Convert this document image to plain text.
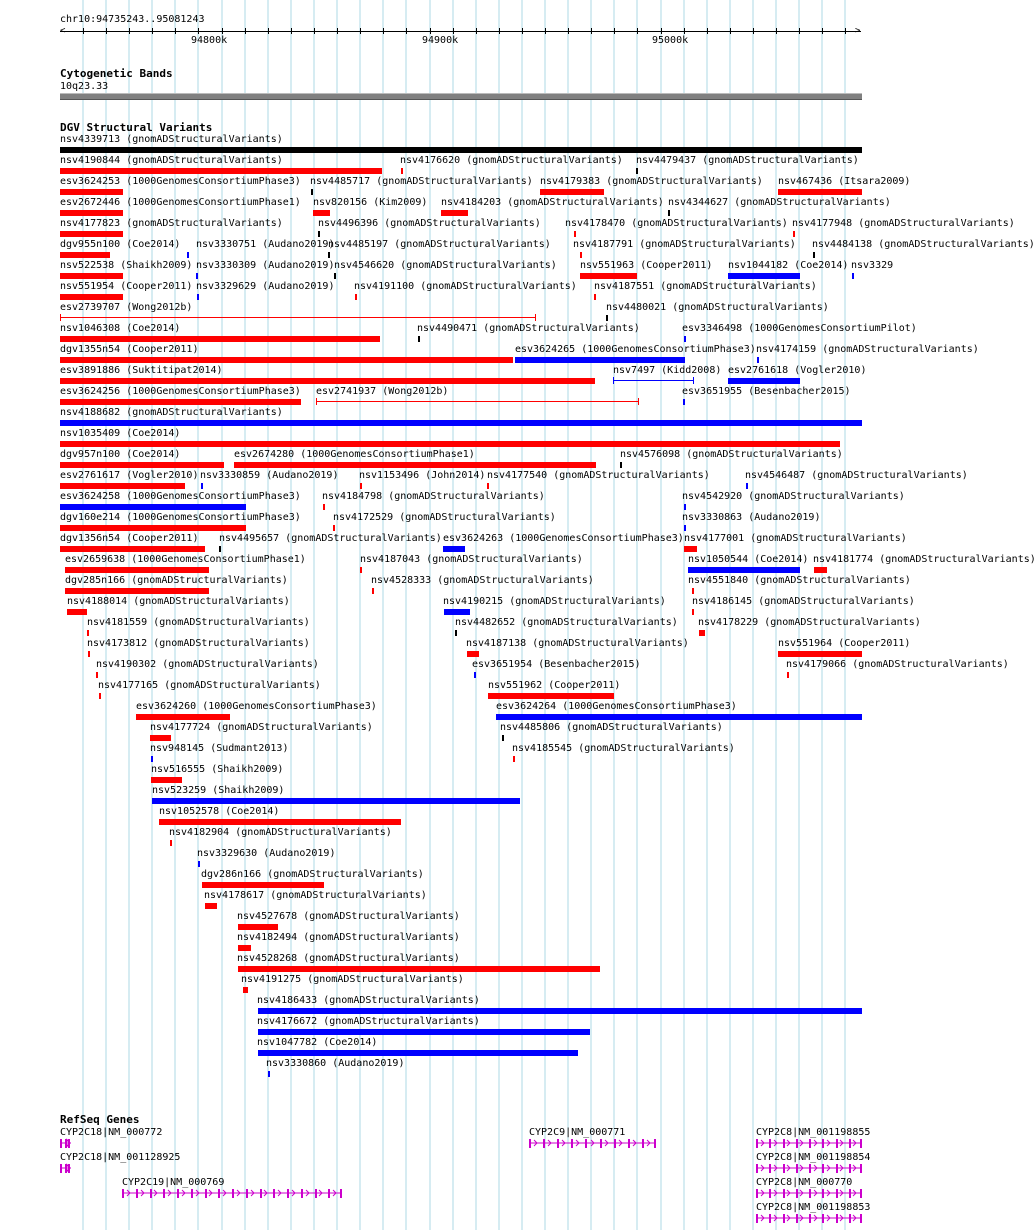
chr10:94735243..95081243
<	>
94800k	94900k	95000k
Cytogenetic Bands
10q23.33
DGV Structural Variants
nsv4339713 (gnomADStructuralVariants)
nsv4190844 (gnomADStructuralVariants)	nsv4176620 (gnomADStructuralVariants) nsv4479437 (gnomADStructuralVariants)
esv3624253 (1000GenomesConsortiumPhase3) nsv4485717 (gnomADStructuralVariants) nsv4179383 (gnomADStructuralVariants) nsv467436 (Itsara2009)
esv2672446 (1000GenomesConsortiumPhase1) nsv820156 (Kim2009) nsv4184203 (gnomADStructuralVariants) nsv4344627 (gnomADStructuralVariants)
nsv4177823 (gnomADStructuralVariants)	nsv4496396 (gnomADStructuralVariants) nsv4178470 (gnomADStructuralVariants) nsv4177948 (gnomADStructuralVariants)
dgv955n100 (Coe2014) nsv3330751 (Audano2019)
nsv4485197 (gnomADStructuralVariants) nsv4187791 (gnomADStructuralVariants) nsv4484138 (gnomADStructuralVariants)
nsv522538 (Shaikh2009) nsv3330309 (Audano2019) nsv4546620 (gnomADStructuralVariants) nsv551963 (Cooper2011) nsv1044182 (Coe2014) nsv3329
nsv551954 (Cooper2011) nsv3329629 (Audano2019) nsv4191100 (gnomADStructuralVariants) nsv4187551 (gnomADStructuralVariants)
esv2739707 (Wong2012b)	nsv4480021 (gnomADStructuralVariants)
nsv1046308 (Coe2014)	nsv4490471 (gnomADStructuralVariants)	esv3346498 (1000GenomesConsortiumPilot)
dgv1355n54 (Cooper2011)	esv3624265 (1000GenomesConsortiumPhase3) nsv4174159 (gnomADStructuralVariants)
esv3891886 (Suktitipat2014)	nsv7497 (Kidd2008) esv2761618 (Vogler2010)
esv3624256 (1000GenomesConsortiumPhase3) esv2741937 (Wong2012b)	esv3651955 (Besenbacher2015)
nsv4188682 (gnomADStructuralVariants)
nsv1035409 (Coe2014)
dgv957n100 (Coe2014)	esv2674280 (1000GenomesConsortiumPhase1)	nsv4576098 (gnomADStructuralVariants)
esv2761617 (Vogler2010) nsv3330859 (Audano2019) nsv1153496 (John2014) nsv4177540 (gnomADStructuralVariants)	nsv4546487 (gnomADStructuralVariants)
esv3624258 (1000GenomesConsortiumPhase3) nsv4184798 (gnomADStructuralVariants)	nsv4542920 (gnomADStructuralVariants)
dgv160e214 (1000GenomesConsortiumPhase3)	nsv4172529 (gnomADStructuralVariants)	nsv3330863 (Audano2019)
dgv1356n54 (Cooper2011) nsv4495657 (gnomADStructuralVariants) esv3624263 (1000GenomesConsortiumPhase3) nsv4177001 (gnomADStructuralVariants)
esv2659638 (1000GenomesConsortiumPhase1)	nsv4187043 (gnomADStructuralVariants)	nsv1050544 (Coe2014) nsv4181774 (gnomADStructuralVariants)
dgv285n166 (gnomADStructuralVariants)	nsv4528333 (gnomADStructuralVariants)	nsv4551840 (gnomADStructuralVariants)
nsv4188014 (gnomADStructuralVariants)	nsv4190215 (gnomADStructuralVariants)	nsv4186145 (gnomADStructuralVariants)
nsv4181559 (gnomADStructuralVariants)	nsv4482652 (gnomADStructuralVariants) nsv4178229 (gnomADStructuralVariants)
nsv4173812 (gnomADStructuralVariants)	nsv4187138 (gnomADStructuralVariants)	nsv551964 (Cooper2011)
nsv4190302 (gnomADStructuralVariants)	esv3651954 (Besenbacher2015)	nsv4179066 (gnomADStructuralVariants)
nsv4177165 (gnomADStructuralVariants)	nsv551962 (Cooper2011)
esv3624260 (1000GenomesConsortiumPhase3)	esv3624264 (1000GenomesConsortiumPhase3)
nsv4177724 (gnomADStructuralVariants)	nsv4485806 (gnomADStructuralVariants)
nsv948145 (Sudmant2013)	nsv4185545 (gnomADStructuralVariants)
nsv516555 (Shaikh2009)
nsv523259 (Shaikh2009)
nsv1052578 (Coe2014)
nsv4182904 (gnomADStructuralVariants)
nsv3329630 (Audano2019)
dgv286n166 (gnomADStructuralVariants)
nsv4178617 (gnomADStructuralVariants)
nsv4527678 (gnomADStructuralVariants)
nsv4182494 (gnomADStructuralVariants)
nsv4528268 (gnomADStructuralVariants)
nsv4191275 (gnomADStructuralVariants)
nsv4186433 (gnomADStructuralVariants)
nsv4176672 (gnomADStructuralVariants)
nsv1047782 (Coe2014)
nsv3330860 (Audano2019)
RefSeq Genes
CYP2C18|NM_000772
CYP2C18|NM_001128925
CYP2C19|NM_000769
CYP2C9|NM_000771	CYP2C8|NM_001198855
CYP2C8|NM_001198854
CYP2C8|NM_000770
CYP2C8|NM_001198853
